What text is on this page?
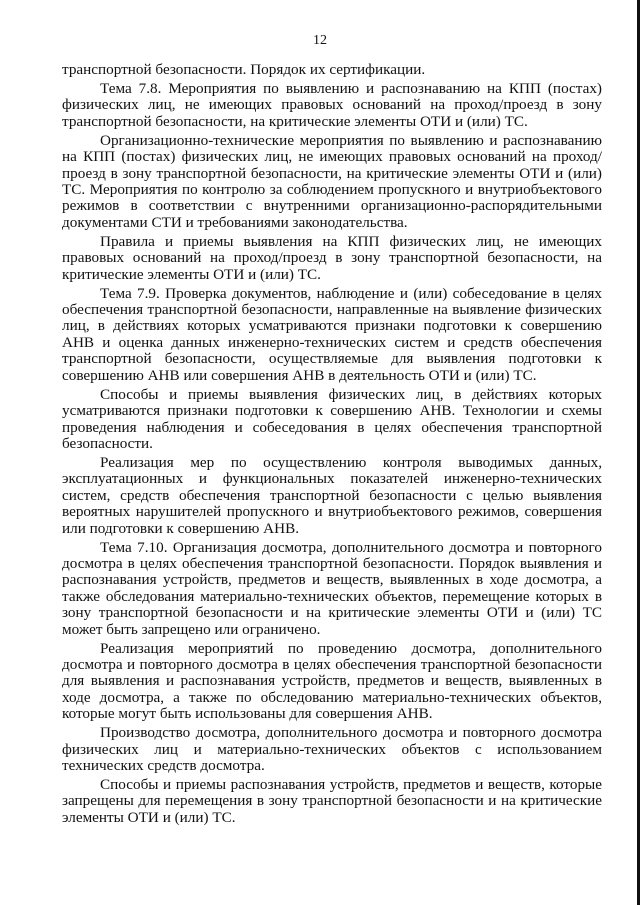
12

транспортной безопасности. Порядок их сертификации.

Тема 7.8. Мероприятия по выявлению и распознаванию на КПП (постах) физических лиц, не имеющих правовых оснований на проход/проезд в зону транспортной безопасности, на критические элементы ОТИ и (или) ТС.

Организационно-технические мероприятия по выявлению и распознаванию на КПП (постах) физических лиц, не имеющих правовых оснований на проход/проезд в зону транспортной безопасности, на критические элементы ОТИ и (или) ТС. Мероприятия по контролю за соблюдением пропускного и внутриобъектового режимов в соответствии с внутренними организационно-распорядительными документами СТИ и требованиями законодательства.

Правила и приемы выявления на КПП физических лиц, не имеющих правовых оснований на проход/проезд в зону транспортной безопасности, на критические элементы ОТИ и (или) ТС.

Тема 7.9. Проверка документов, наблюдение и (или) собеседование в целях обеспечения транспортной безопасности, направленные на выявление физических лиц, в действиях которых усматриваются признаки подготовки к совершению АНВ и оценка данных инженерно-технических систем и средств обеспечения транспортной безопасности, осуществляемые для выявления подготовки к совершению АНВ или совершения АНВ в деятельность ОТИ и (или) ТС.

Способы и приемы выявления физических лиц, в действиях которых усматриваются признаки подготовки к совершению АНВ. Технологии и схемы проведения наблюдения и собеседования в целях обеспечения транспортной безопасности.

Реализация мер по осуществлению контроля выводимых данных, эксплуатационных и функциональных показателей инженерно-технических систем, средств обеспечения транспортной безопасности с целью выявления вероятных нарушителей пропускного и внутриобъектового режимов, совершения или подготовки к совершению АНВ.

Тема 7.10. Организация досмотра, дополнительного досмотра и повторного досмотра в целях обеспечения транспортной безопасности. Порядок выявления и распознавания устройств, предметов и веществ, выявленных в ходе досмотра, а также обследования материально-технических объектов, перемещение которых в зону транспортной безопасности и на критические элементы ОТИ и (или) ТС может быть запрещено или ограничено.

Реализация мероприятий по проведению досмотра, дополнительного досмотра и повторного досмотра в целях обеспечения транспортной безопасности для выявления и распознавания устройств, предметов и веществ, выявленных в ходе досмотра, а также по обследованию материально-технических объектов, которые могут быть использованы для совершения АНВ.

Производство досмотра, дополнительного досмотра и повторного досмотра физических лиц и материально-технических объектов с использованием технических средств досмотра.

Способы и приемы распознавания устройств, предметов и веществ, которые запрещены для перемещения в зону транспортной безопасности и на критические элементы ОТИ и (или) ТС.
